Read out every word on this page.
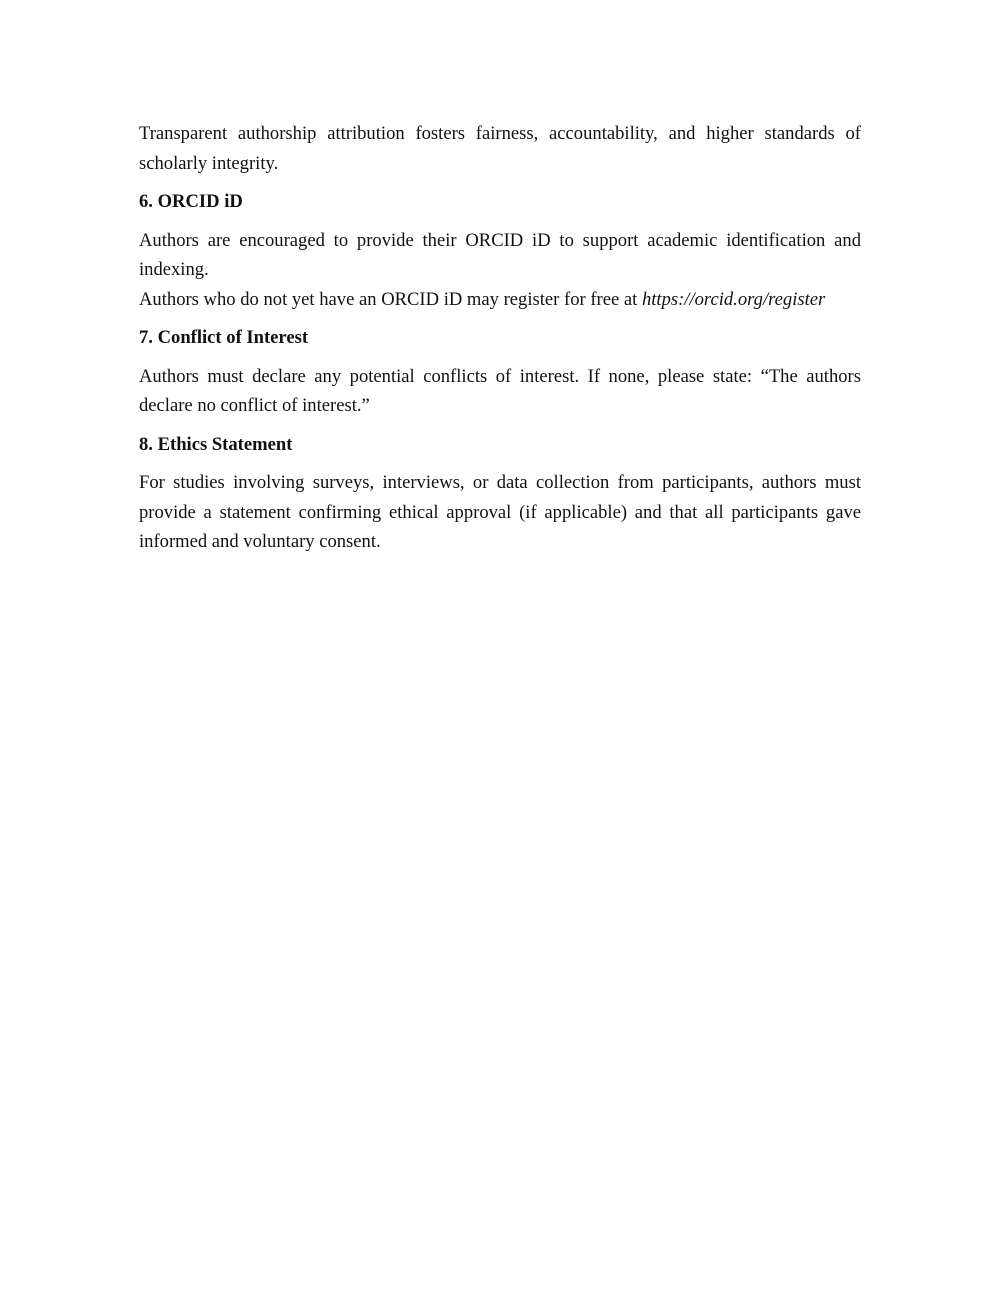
Transparent authorship attribution fosters fairness, accountability, and higher standards of scholarly integrity.

6. ORCID iD

Authors are encouraged to provide their ORCID iD to support academic identification and indexing.

Authors who do not yet have an ORCID iD may register for free at https://orcid.org/register

7. Conflict of Interest

Authors must declare any potential conflicts of interest. If none, please state: “The authors declare no conflict of interest.”

8. Ethics Statement

For studies involving surveys, interviews, or data collection from participants, authors must provide a statement confirming ethical approval (if applicable) and that all participants gave informed and voluntary consent.
